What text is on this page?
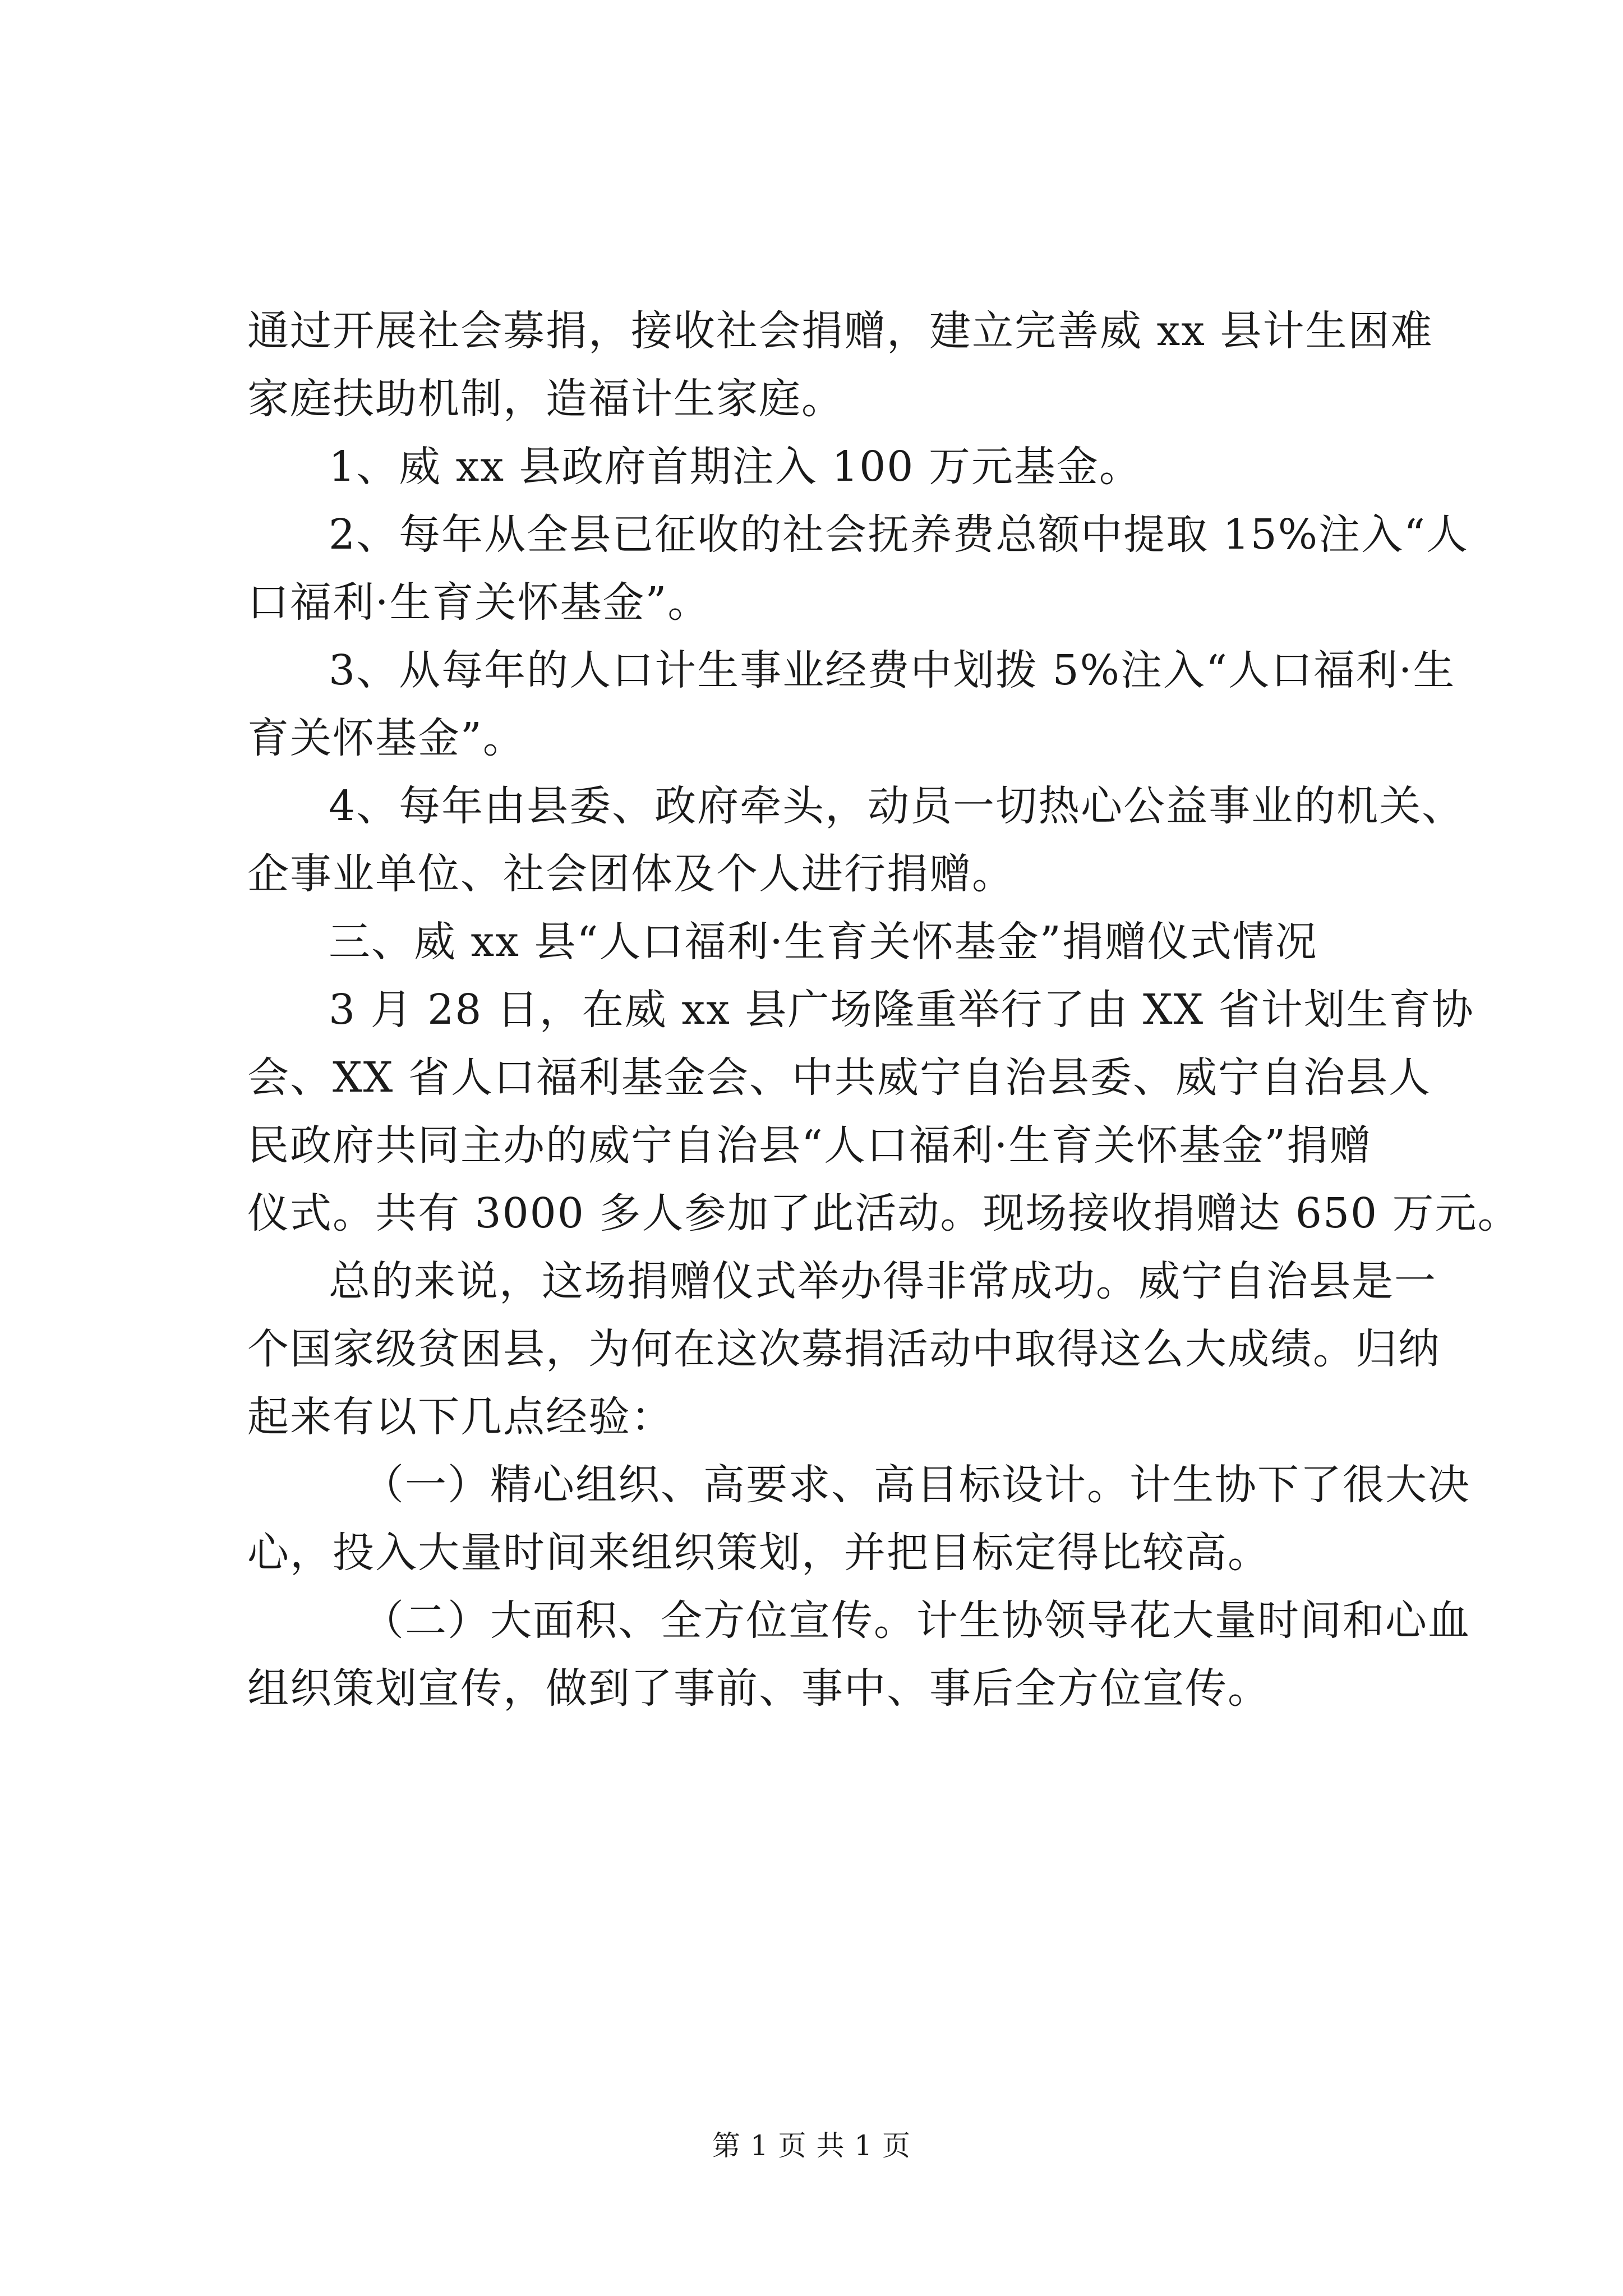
通过开展社会募捐，接收社会捐赠，建立完善威 xx 县计生困难
家庭扶助机制，造福计生家庭。
1、威 xx 县政府首期注入 100 万元基金。
2、每年从全县已征收的社会抚养费总额中提取 15%注入“人
口福利·生育关怀基金”。
3、从每年的人口计生事业经费中划拨 5%注入“人口福利·生
育关怀基金”。
4、每年由县委、政府牵头，动员一切热心公益事业的机关、
企事业单位、社会团体及个人进行捐赠。
三、威 xx 县“人口福利·生育关怀基金”捐赠仪式情况
3 月 28 日，在威 xx 县广场隆重举行了由 XX 省计划生育协
会、XX 省人口福利基金会、中共威宁自治县委、威宁自治县人
民政府共同主办的威宁自治县“人口福利·生育关怀基金”捐赠
仪式。共有 3000 多人参加了此活动。现场接收捐赠达 650 万元。
总的来说，这场捐赠仪式举办得非常成功。威宁自治县是一
个国家级贫困县，为何在这次募捐活动中取得这么大成绩。归纳
起来有以下几点经验：
（一）精心组织、高要求、高目标设计。计生协下了很大决
心，投入大量时间来组织策划，并把目标定得比较高。
（二）大面积、全方位宣传。计生协领导花大量时间和心血
组织策划宣传，做到了事前、事中、事后全方位宣传。
第 1 页 共 1 页
